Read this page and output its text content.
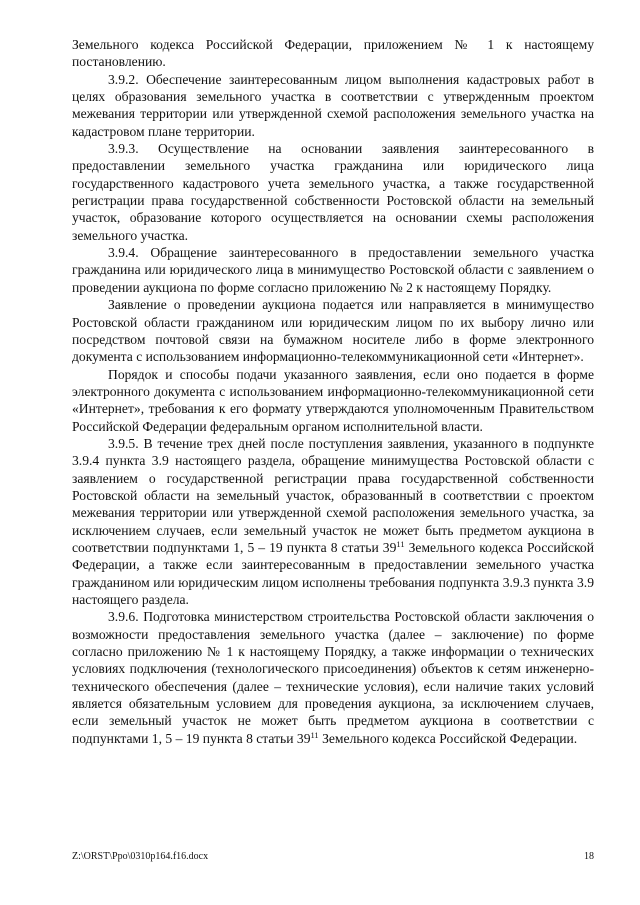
Земельного кодекса Российской Федерации, приложением № 1 к настоящему постановлению.

3.9.2. Обеспечение заинтересованным лицом выполнения кадастровых работ в целях образования земельного участка в соответствии с утвержденным проектом межевания территории или утвержденной схемой расположения земельного участка на кадастровом плане территории.

3.9.3. Осуществление на основании заявления заинтересованного в предоставлении земельного участка гражданина или юридического лица государственного кадастрового учета земельного участка, а также государственной регистрации права государственной собственности Ростовской области на земельный участок, образование которого осуществляется на основании схемы расположения земельного участка.

3.9.4. Обращение заинтересованного в предоставлении земельного участка гражданина или юридического лица в минимущество Ростовской области с заявлением о проведении аукциона по форме согласно приложению № 2 к настоящему Порядку.

Заявление о проведении аукциона подается или направляется в минимущество Ростовской области гражданином или юридическим лицом по их выбору лично или посредством почтовой связи на бумажном носителе либо в форме электронного документа с использованием информационно-телекоммуникационной сети «Интернет».

Порядок и способы подачи указанного заявления, если оно подается в форме электронного документа с использованием информационно-телекоммуникационной сети «Интернет», требования к его формату утверждаются уполномоченным Правительством Российской Федерации федеральным органом исполнительной власти.

3.9.5. В течение трех дней после поступления заявления, указанного в подпункте 3.9.4 пункта 3.9 настоящего раздела, обращение минимущества Ростовской области с заявлением о государственной регистрации права государственной собственности Ростовской области на земельный участок, образованный в соответствии с проектом межевания территории или утвержденной схемой расположения земельного участка, за исключением случаев, если земельный участок не может быть предметом аукциона в соответствии подпунктами 1, 5 – 19 пункта 8 статьи $39^{11}$ Земельного кодекса Российской Федерации, а также если заинтересованным в предоставлении земельного участка гражданином или юридическим лицом исполнены требования подпункта 3.9.3 пункта 3.9 настоящего раздела.

3.9.6. Подготовка министерством строительства Ростовской области заключения о возможности предоставления земельного участка (далее – заключение) по форме согласно приложению № 1 к настоящему Порядку, а также информации о технических условиях подключения (технологического присоединения) объектов к сетям инженерно-технического обеспечения (далее – технические условия), если наличие таких условий является обязательным условием для проведения аукциона, за исключением случаев, если земельный участок не может быть предметом аукциона в соответствии с подпунктами 1, 5 – 19 пункта 8 статьи $39^{11}$ Земельного кодекса Российской Федерации.

Z:\ORST\Ppo\0310p164.f16.docx	18
